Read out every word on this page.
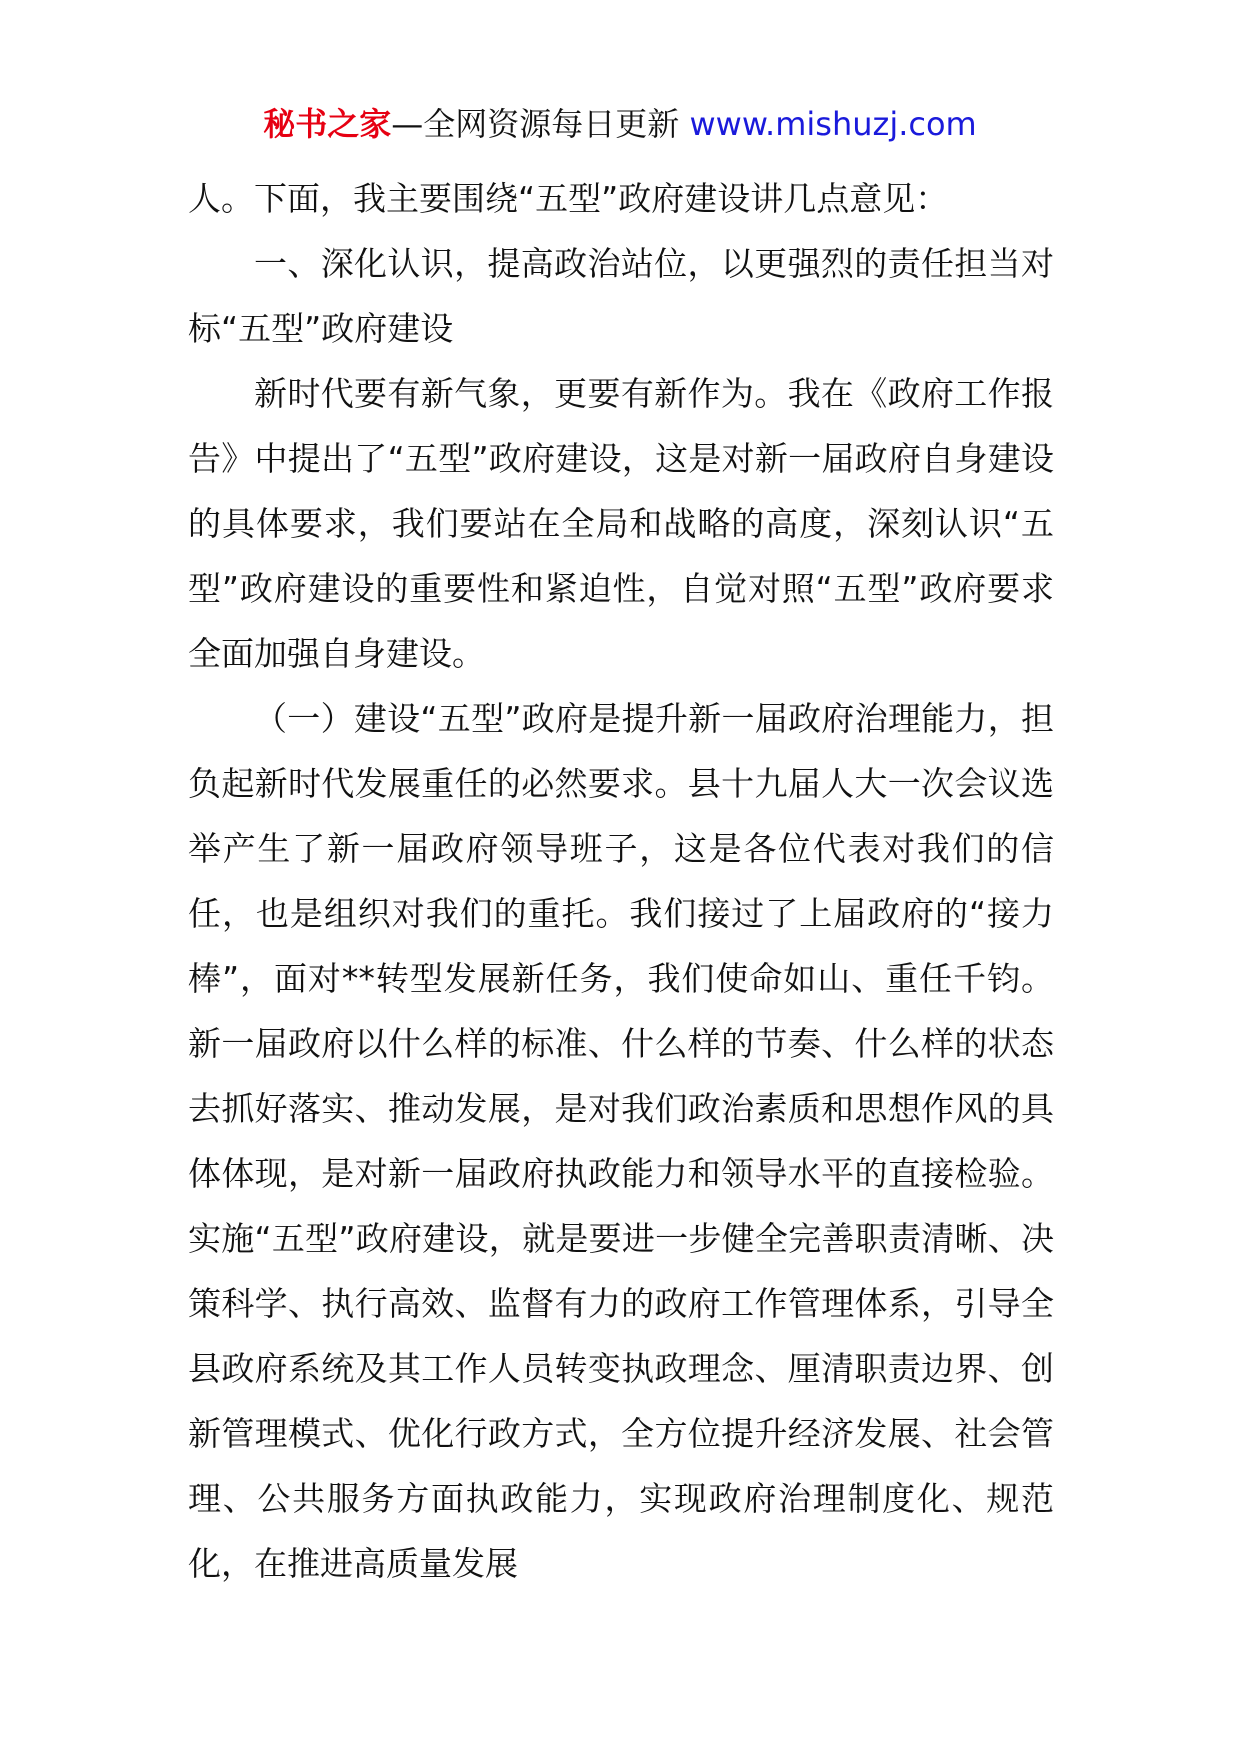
秘书之家—全网资源每日更新 www.mishuzj.com

人。下面，我主要围绕“五型”政府建设讲几点意见：

一、深化认识，提高政治站位，以更强烈的责任担当对标“五型”政府建设

新时代要有新气象，更要有新作为。我在《政府工作报告》中提出了“五型”政府建设，这是对新一届政府自身建设的具体要求，我们要站在全局和战略的高度，深刻认识“五型”政府建设的重要性和紧迫性，自觉对照“五型”政府要求全面加强自身建设。

（一）建设“五型”政府是提升新一届政府治理能力，担负起新时代发展重任的必然要求。县十九届人大一次会议选举产生了新一届政府领导班子，这是各位代表对我们的信任，也是组织对我们的重托。我们接过了上届政府的“接力棒”，面对**转型发展新任务，我们使命如山、重任千钧。新一届政府以什么样的标准、什么样的节奏、什么样的状态去抓好落实、推动发展，是对我们政治素质和思想作风的具体体现，是对新一届政府执政能力和领导水平的直接检验。实施“五型”政府建设，就是要进一步健全完善职责清晰、决策科学、执行高效、监督有力的政府工作管理体系，引导全县政府系统及其工作人员转变执政理念、厘清职责边界、创新管理模式、优化行政方式，全方位提升经济发展、社会管理、公共服务方面执政能力，实现政府治理制度化、规范化，在推进高质量发展
